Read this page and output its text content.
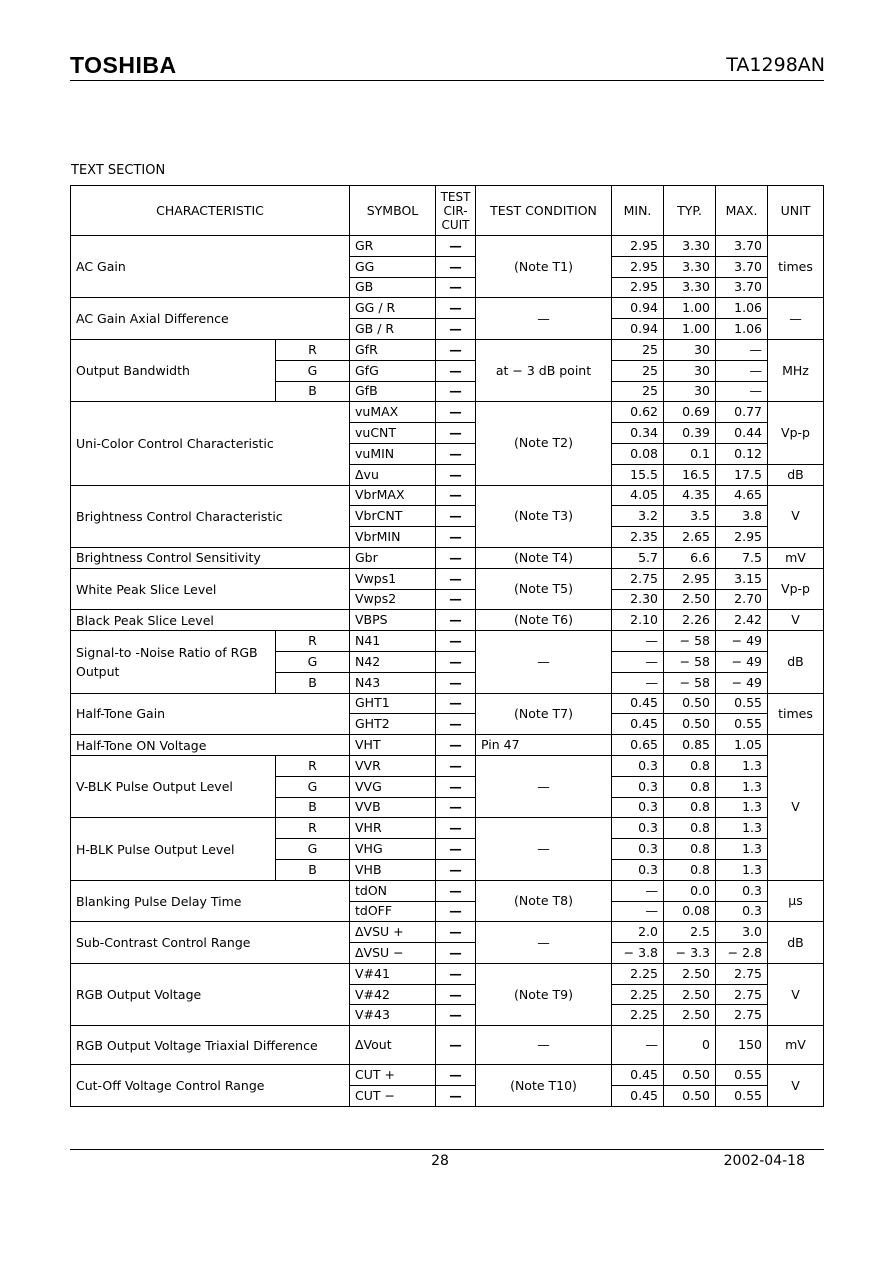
TOSHIBA	TA1298AN
TEXT SECTION
CHARACTERISTIC		SYMBOL	TEST CIR- CUIT	TEST CONDITION	MIN.	TYP.	MAX.	UNIT
AC Gain		GR	—	(Note T1)	2.95	3.30	3.70	times
		GG	—		2.95	3.30	3.70	
		GB	—		2.95	3.30	3.70	
AC Gain Axial Difference		GG / R	—	—	0.94	1.00	1.06	—
		GB / R	—		0.94	1.00	1.06	
Output Bandwidth	R	GfR	—	at − 3 dB point	25	30	—	MHz
	G	GfG	—		25	30	—	
	B	GfB	—		25	30	—	
Uni-Color Control Characteristic		vuMAX	—	(Note T2)	0.62	0.69	0.77	Vp-p
		vuCNT	—		0.34	0.39	0.44	
		vuMIN	—		0.08	0.1	0.12	
		Δvu	—		15.5	16.5	17.5	dB
Brightness Control Characteristic		VbrMAX	—	(Note T3)	4.05	4.35	4.65	V
		VbrCNT	—		3.2	3.5	3.8	
		VbrMIN	—		2.35	2.65	2.95	
Brightness Control Sensitivity		Gbr	—	(Note T4)	5.7	6.6	7.5	mV
White Peak Slice Level		Vwps1	—	(Note T5)	2.75	2.95	3.15	Vp-p
		Vwps2	—		2.30	2.50	2.70	
Black Peak Slice Level		VBPS	—	(Note T6)	2.10	2.26	2.42	V
Signal-to -Noise Ratio of RGB Output	R	N41	—	—	—	− 58	− 49	dB
	G	N42	—		—	− 58	− 49	
	B	N43	—		—	− 58	− 49	
Half-Tone Gain		GHT1	—	(Note T7)	0.45	0.50	0.55	times
		GHT2	—		0.45	0.50	0.55	
Half-Tone ON Voltage		VHT	—	Pin 47	0.65	0.85	1.05	V
V-BLK Pulse Output Level	R	VVR	—	—	0.3	0.8	1.3	
	G	VVG	—		0.3	0.8	1.3	
	B	VVB	—		0.3	0.8	1.3	
H-BLK Pulse Output Level	R	VHR	—	—	0.3	0.8	1.3	
	G	VHG	—		0.3	0.8	1.3	
	B	VHB	—		0.3	0.8	1.3	
Blanking Pulse Delay Time		tdON	—	(Note T8)	—	0.0	0.3	μs
		tdOFF	—		—	0.08	0.3	
Sub-Contrast Control Range		ΔVSU +	—	—	2.0	2.5	3.0	dB
		ΔVSU −	—		− 3.8	− 3.3	− 2.8	
RGB Output Voltage		V#41	—	(Note T9)	2.25	2.50	2.75	V
		V#42	—		2.25	2.50	2.75	
		V#43	—		2.25	2.50	2.75	
RGB Output Voltage Triaxial Difference		ΔVout	—	—	—	0	150	mV
Cut-Off Voltage Control Range		CUT +	—	(Note T10)	0.45	0.50	0.55	V
		CUT −	—		0.45	0.50	0.55	
28	2002-04-18
